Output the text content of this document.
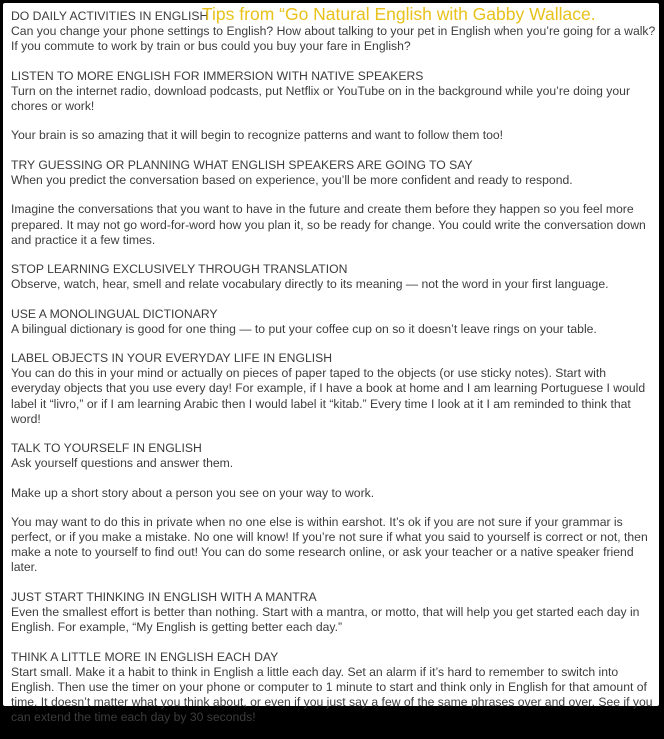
DO DAILY ACTIVITIES IN ENGLISH
Tips from “Go Natural English with Gabby Wallace.

Can you change your phone settings to English? How about talking to your pet in English when you’re going for a walk? If you commute to work by train or bus could you buy your fare in English?

LISTEN TO MORE ENGLISH FOR IMMERSION WITH NATIVE SPEAKERS
Turn on the internet radio, download podcasts, put Netflix or YouTube on in the background while you’re doing your chores or work!

Your brain is so amazing that it will begin to recognize patterns and want to follow them too!

TRY GUESSING OR PLANNING WHAT ENGLISH SPEAKERS ARE GOING TO SAY
When you predict the conversation based on experience, you’ll be more confident and ready to respond.

Imagine the conversations that you want to have in the future and create them before they happen so you feel more prepared. It may not go word-for-word how you plan it, so be ready for change. You could write the conversation down and practice it a few times.

STOP LEARNING EXCLUSIVELY THROUGH TRANSLATION
Observe, watch, hear, smell and relate vocabulary directly to its meaning — not the word in your first language.

USE A MONOLINGUAL DICTIONARY
A bilingual dictionary is good for one thing — to put your coffee cup on so it doesn’t leave rings on your table.

LABEL OBJECTS IN YOUR EVERYDAY LIFE IN ENGLISH
You can do this in your mind or actually on pieces of paper taped to the objects (or use sticky notes). Start with everyday objects that you use every day! For example, if I have a book at home and I am learning Portuguese I would label it “livro,” or if I am learning Arabic then I would label it “kitab.” Every time I look at it I am reminded to think that word!

TALK TO YOURSELF IN ENGLISH
Ask yourself questions and answer them.

Make up a short story about a person you see on your way to work.

You may want to do this in private when no one else is within earshot. It’s ok if you are not sure if your grammar is perfect, or if you make a mistake. No one will know! If you’re not sure if what you said to yourself is correct or not, then make a note to yourself to find out! You can do some research online, or ask your teacher or a native speaker friend later.

JUST START THINKING IN ENGLISH WITH A MANTRA
Even the smallest effort is better than nothing. Start with a mantra, or motto, that will help you get started each day in English. For example, “My English is getting better each day.”

THINK A LITTLE MORE IN ENGLISH EACH DAY
Start small. Make it a habit to think in English a little each day. Set an alarm if it’s hard to remember to switch into English. Then use the timer on your phone or computer to 1 minute to start and think only in English for that amount of time. It doesn’t matter what you think about, or even if you just say a few of the same phrases over and over. See if you can extend the time each day by 30 seconds!
